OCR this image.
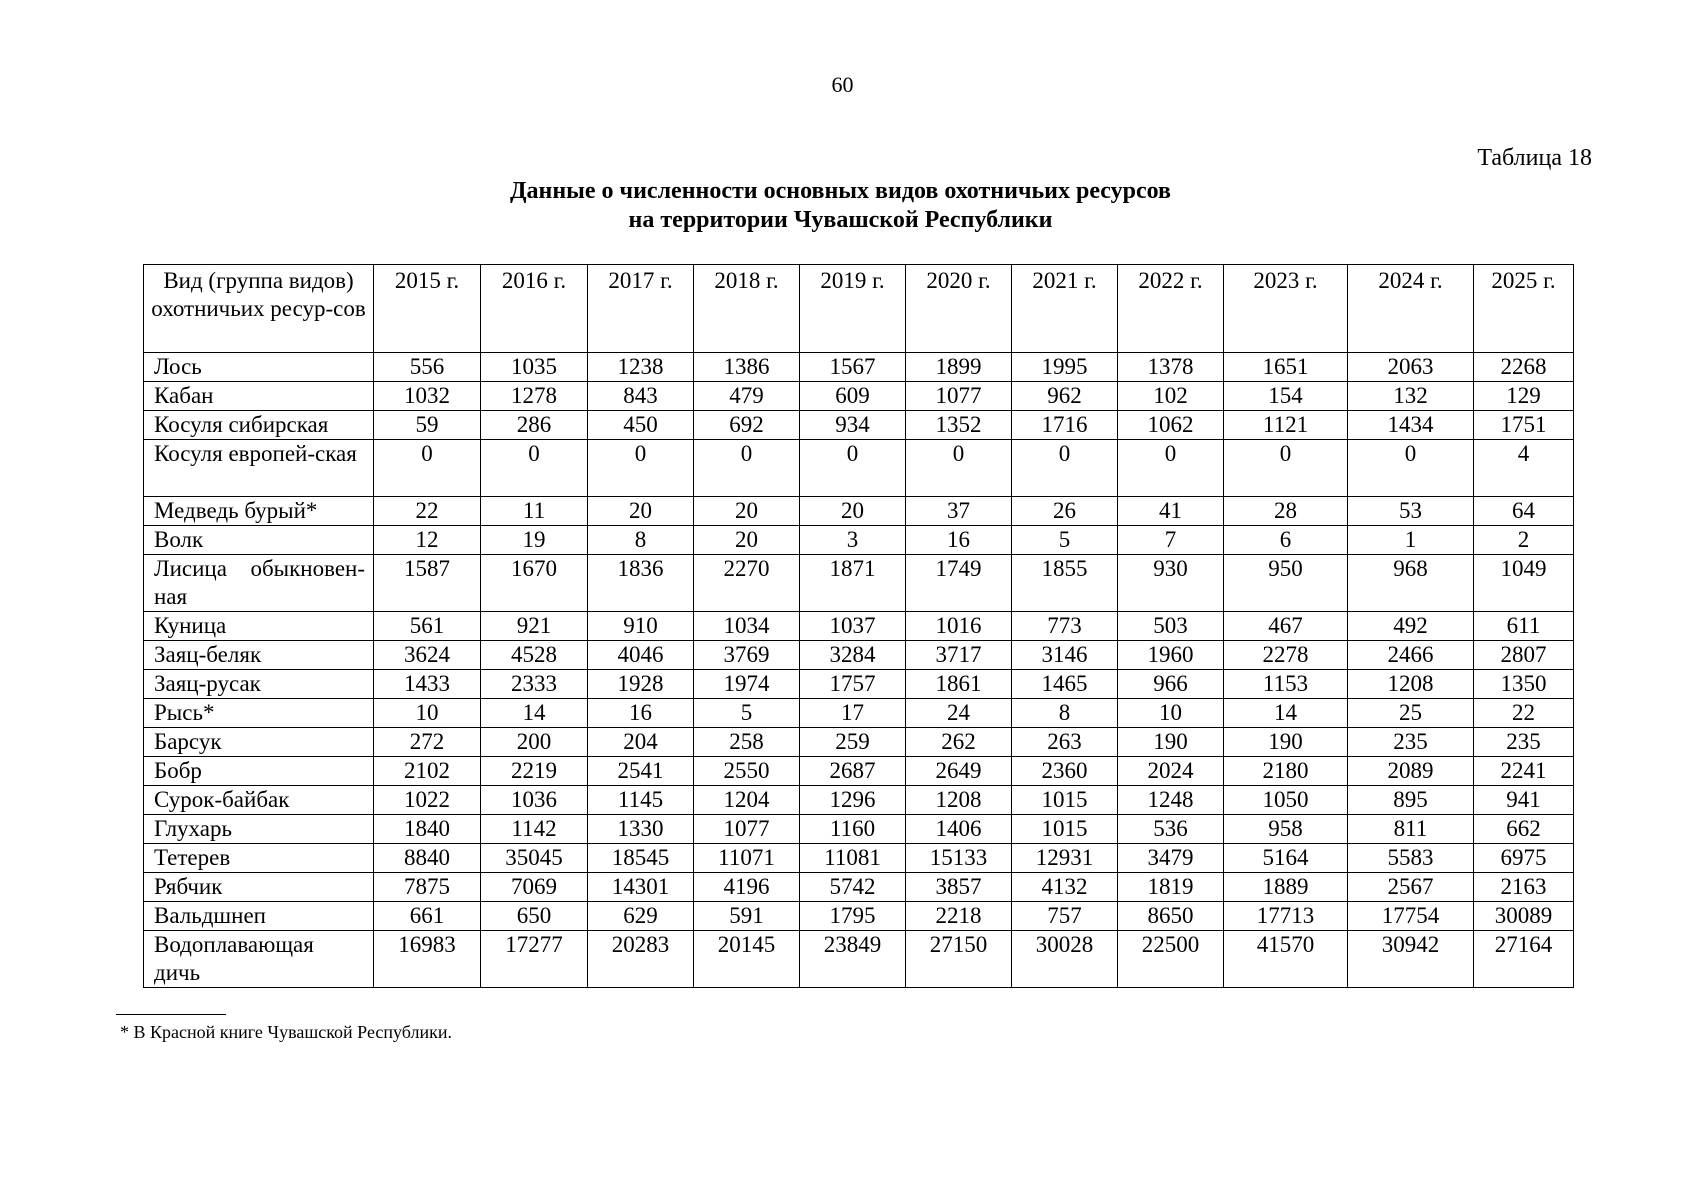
60
Таблица 18
Данные о численности основных видов охотничьих ресурсов
на территории Чувашской Республики
Вид (группа видов) охотничьих ресур-сов	2015 г.	2016 г.	2017 г.	2018 г.	2019 г.	2020 г.	2021 г.	2022 г.	2023 г.	2024 г.	2025 г.
Лось	556	1035	1238	1386	1567	1899	1995	1378	1651	2063	2268
Кабан	1032	1278	843	479	609	1077	962	102	154	132	129
Косуля сибирская	59	286	450	692	934	1352	1716	1062	1121	1434	1751
Косуля европей-ская	0	0	0	0	0	0	0	0	0	0	4
Медведь бурый*	22	11	20	20	20	37	26	41	28	53	64
Волк	12	19	8	20	3	16	5	7	6	1	2
Лисица обыкновен-ная	1587	1670	1836	2270	1871	1749	1855	930	950	968	1049
Куница	561	921	910	1034	1037	1016	773	503	467	492	611
Заяц-беляк	3624	4528	4046	3769	3284	3717	3146	1960	2278	2466	2807
Заяц-русак	1433	2333	1928	1974	1757	1861	1465	966	1153	1208	1350
Рысь*	10	14	16	5	17	24	8	10	14	25	22
Барсук	272	200	204	258	259	262	263	190	190	235	235
Бобр	2102	2219	2541	2550	2687	2649	2360	2024	2180	2089	2241
Сурок-байбак	1022	1036	1145	1204	1296	1208	1015	1248	1050	895	941
Глухарь	1840	1142	1330	1077	1160	1406	1015	536	958	811	662
Тетерев	8840	35045	18545	11071	11081	15133	12931	3479	5164	5583	6975
Рябчик	7875	7069	14301	4196	5742	3857	4132	1819	1889	2567	2163
Вальдшнеп	661	650	629	591	1795	2218	757	8650	17713	17754	30089
Водоплавающая дичь	16983	17277	20283	20145	23849	27150	30028	22500	41570	30942	27164
* В Красной книге Чувашской Республики.
